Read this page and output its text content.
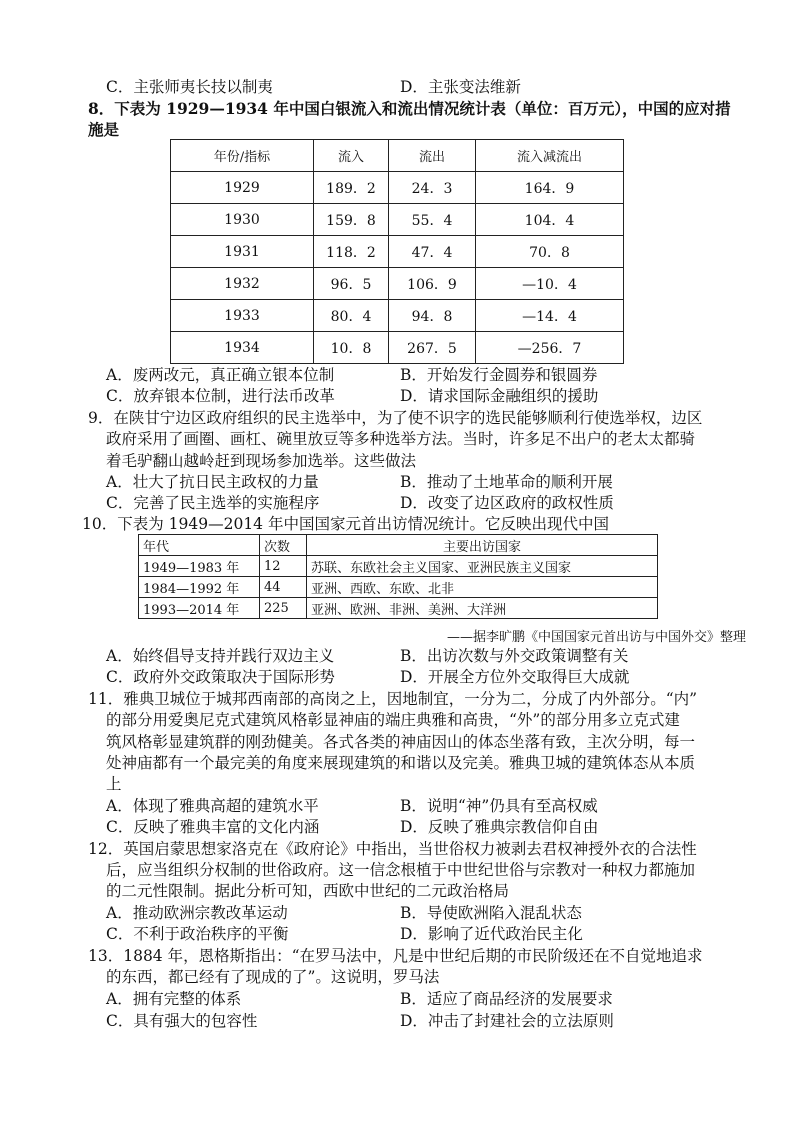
C．主张师夷长技以制夷	D．主张变法维新
8．下表为 1929—1934 年中国白银流入和流出情况统计表（单位：百万元），中国的应对措
施是
年份/指标	流入	流出	流入减流出
1929	189．2	24．3	164．9
1930	159．8	55．4	104．4
1931	118．2	47．4	70．8
1932	96．5	106．9	—10．4
1933	80．4	94．8	—14．4
1934	10．8	267．5	—256．7
A．废两改元，真正确立银本位制	B．开始发行金圆券和银圆券
C．放弃银本位制，进行法币改革	D．请求国际金融组织的援助
9．在陕甘宁边区政府组织的民主选举中，为了使不识字的选民能够顺利行使选举权，边区
政府采用了画圈、画杠、碗里放豆等多种选举方法。当时，许多足不出户的老太太都骑
着毛驴翻山越岭赶到现场参加选举。这些做法
A．壮大了抗日民主政权的力量	B．推动了土地革命的顺利开展
C．完善了民主选举的实施程序	D．改变了边区政府的政权性质
10．下表为 1949—2014 年中国国家元首出访情况统计。它反映出现代中国
年代	次数	主要出访国家
1949—1983 年	12	苏联、东欧社会主义国家、亚洲民族主义国家
1984—1992 年	44	亚洲、西欧、东欧、北非
1993—2014 年	225	亚洲、欧洲、非洲、美洲、大洋洲
——据李旷鹏《中国国家元首出访与中国外交》整理
A．始终倡导支持并践行双边主义	B．出访次数与外交政策调整有关
C．政府外交政策取决于国际形势	D．开展全方位外交取得巨大成就
11．雅典卫城位于城邦西南部的高岗之上，因地制宜，一分为二，分成了内外部分。“内”
的部分用爱奥尼克式建筑风格彰显神庙的端庄典雅和高贵，“外”的部分用多立克式建
筑风格彰显建筑群的刚劲健美。各式各类的神庙因山的体态坐落有致，主次分明，每一
处神庙都有一个最完美的角度来展现建筑的和谐以及完美。雅典卫城的建筑体态从本质
上
A．体现了雅典高超的建筑水平	B．说明“神”仍具有至高权威
C．反映了雅典丰富的文化内涵	D．反映了雅典宗教信仰自由
12．英国启蒙思想家洛克在《政府论》中指出，当世俗权力被剥去君权神授外衣的合法性
后，应当组织分权制的世俗政府。这一信念根植于中世纪世俗与宗教对一种权力都施加
的二元性限制。据此分析可知，西欧中世纪的二元政治格局
A．推动欧洲宗教改革运动	B．导使欧洲陷入混乱状态
C．不利于政治秩序的平衡	D．影响了近代政治民主化
13．1884 年，恩格斯指出：“在罗马法中，凡是中世纪后期的市民阶级还在不自觉地追求
的东西，都已经有了现成的了”。这说明，罗马法
A．拥有完整的体系	B．适应了商品经济的发展要求
C．具有强大的包容性	D．冲击了封建社会的立法原则
